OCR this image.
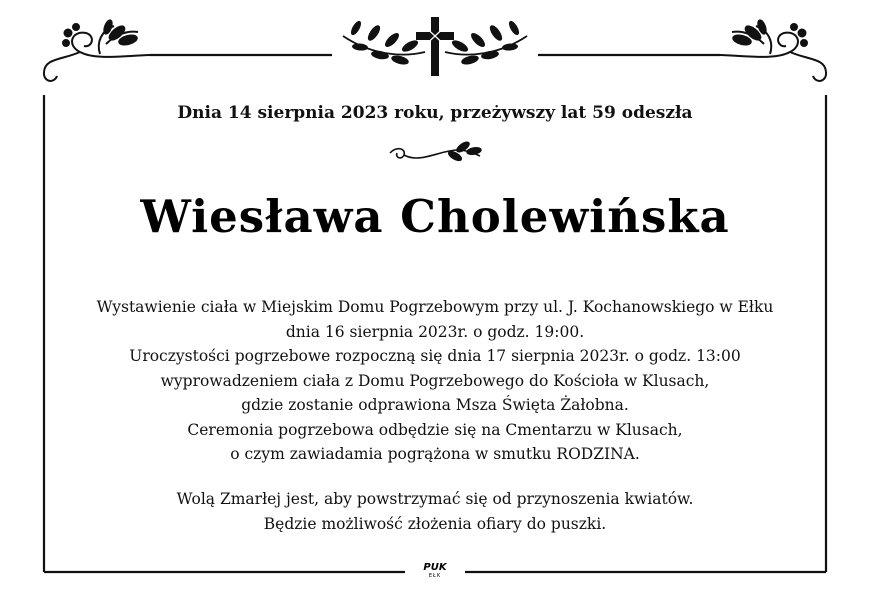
Dnia 14 sierpnia 2023 roku, przeżywszy lat 59 odeszła
Wiesława Cholewińska
Wystawienie ciała w Miejskim Domu Pogrzebowym przy ul. J. Kochanowskiego w Ełku
dnia 16 sierpnia 2023r. o godz. 19:00.
Uroczystości pogrzebowe rozpoczną się dnia 17 sierpnia 2023r. o godz. 13:00
wyprowadzeniem ciała z Domu Pogrzebowego do Kościoła w Klusach,
gdzie zostanie odprawiona Msza Święta Żałobna.
Ceremonia pogrzebowa odbędzie się na Cmentarzu w Klusach,
o czym zawiadamia pogrążona w smutku RODZINA.
Wolą Zmarłej jest, aby powstrzymać się od przynoszenia kwiatów.
Będzie możliwość złożenia ofiary do puszki.
PUK
EŁK
